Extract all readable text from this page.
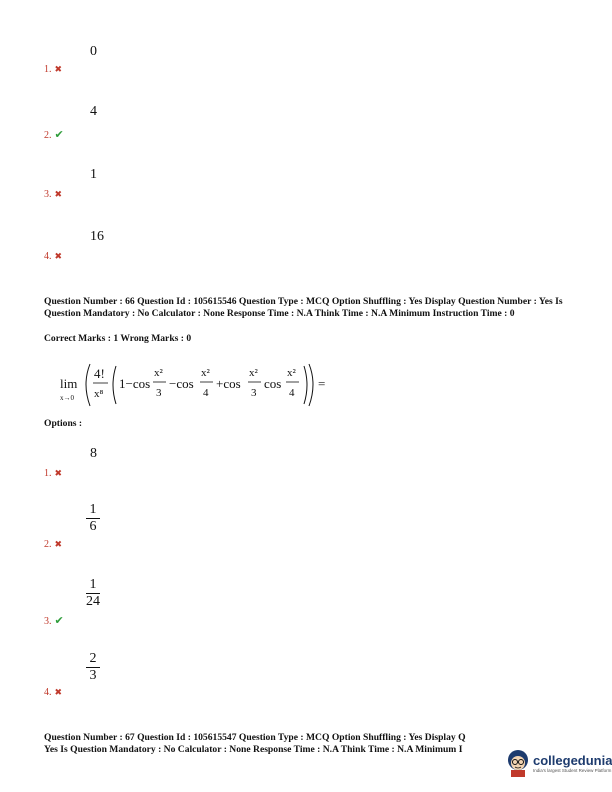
0
1. ✖
4
2. ✔
1
3. ✖
16
4. ✖
Question Number : 66 Question Id : 105615546 Question Type : MCQ Option Shuffling : Yes Display Question Number : Yes Is Question Mandatory : No Calculator : None Response Time : N.A Think Time : N.A Minimum Instruction Time : 0
Correct Marks : 1 Wrong Marks : 0
lim
x→0
4!
x⁸
1−cos
x²
3
−cos
x²
4
+cos
x²
3
cos
x²
4
=
Options :
8
1. ✖
1
6
2. ✖
1
24
3. ✔
2
3
4. ✖
Question Number : 67 Question Id : 105615547 Question Type : MCQ Option Shuffling : Yes Display Q
Yes Is Question Mandatory : No Calculator : None Response Time : N.A Think Time : N.A Minimum I
collegedunia
India's largest Student Review Platform
